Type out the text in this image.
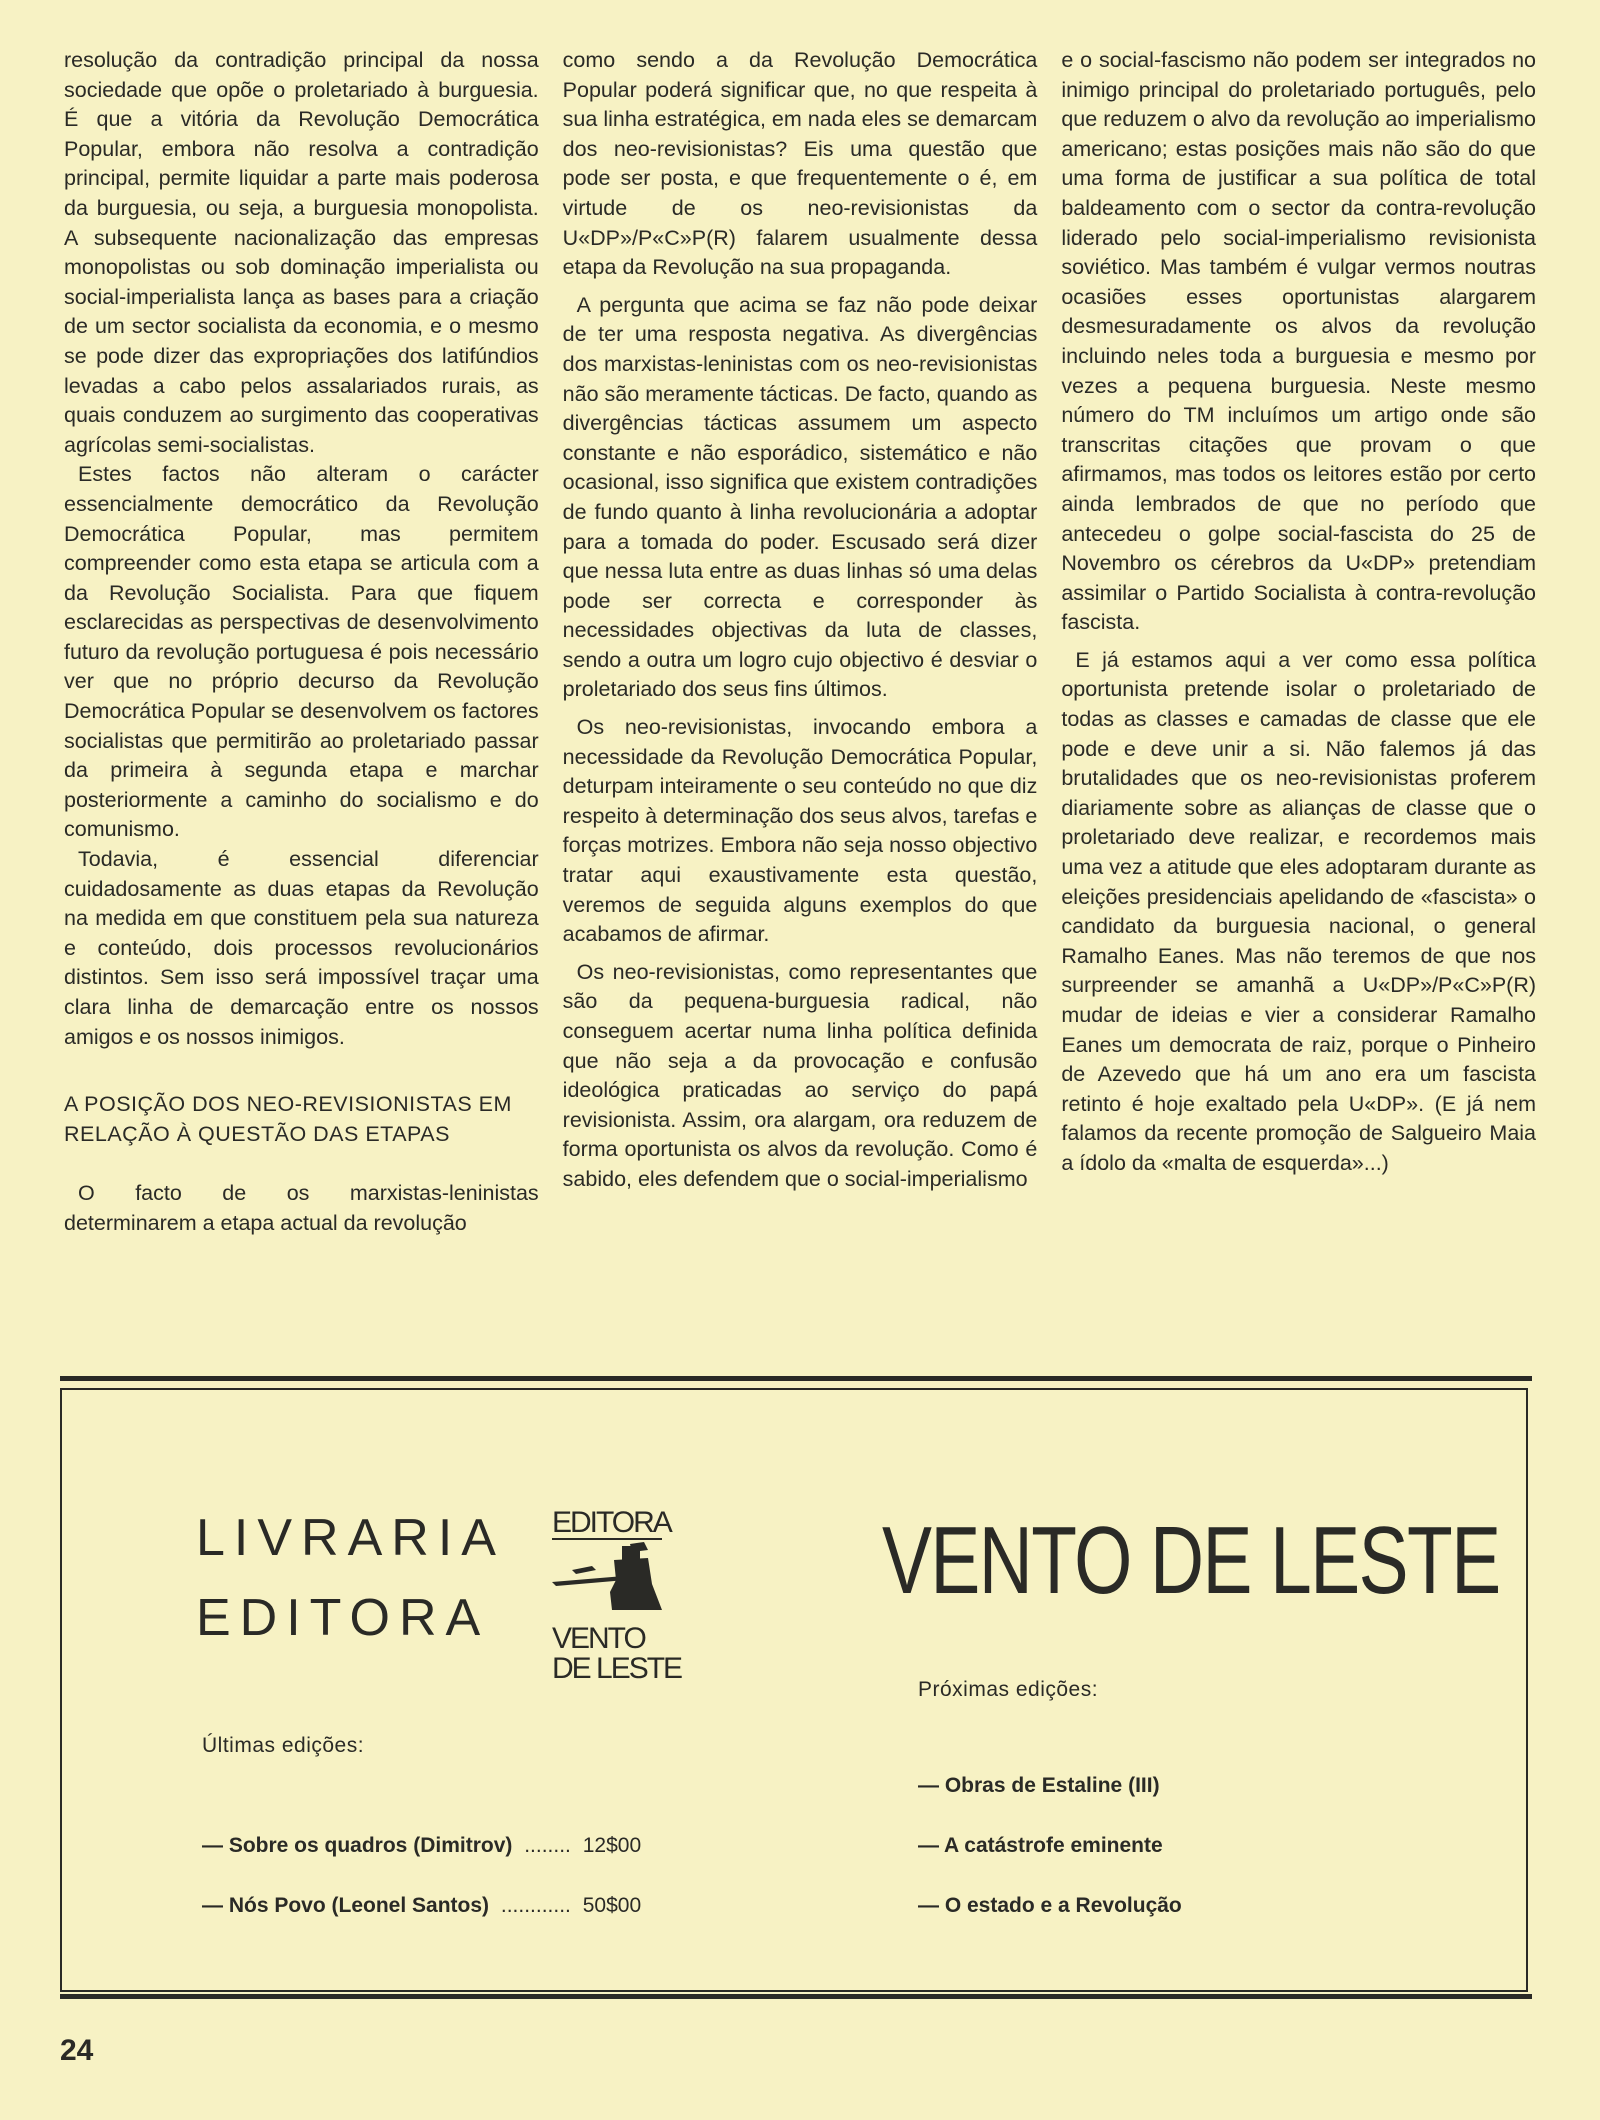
resolução da contradição principal da nossa sociedade que opõe o proletariado à burguesia. É que a vitória da Revolução Democrática Popular, embora não resolva a contradição principal, permite liquidar a parte mais poderosa da burguesia, ou seja, a burguesia monopolista. A subsequente nacionalização das empresas monopolistas ou sob dominação imperialista ou social-imperialista lança as bases para a criação de um sector socialista da economia, e o mesmo se pode dizer das expropriações dos latifúndios levadas a cabo pelos assalariados rurais, as quais conduzem ao surgimento das cooperativas agrícolas semi-socialistas.

Estes factos não alteram o carácter essencialmente democrático da Revolução Democrática Popular, mas permitem compreender como esta etapa se articula com a da Revolução Socialista. Para que fiquem esclarecidas as perspectivas de desenvolvimento futuro da revolução portuguesa é pois necessário ver que no próprio decurso da Revolução Democrática Popular se desenvolvem os factores socialistas que permitirão ao proletariado passar da primeira à segunda etapa e marchar posteriormente a caminho do socialismo e do comunismo.

Todavia, é essencial diferenciar cuidadosamente as duas etapas da Revolução na medida em que constituem pela sua natureza e conteúdo, dois processos revolucionários distintos. Sem isso será impossível traçar uma clara linha de demarcação entre os nossos amigos e os nossos inimigos.

A POSIÇÃO DOS NEO-REVISIONISTAS EM RELAÇÃO À QUESTÃO DAS ETAPAS

O facto de os marxistas-leninistas determinarem a etapa actual da revolução

como sendo a da Revolução Democrática Popular poderá significar que, no que respeita à sua linha estratégica, em nada eles se demarcam dos neo-revisionistas? Eis uma questão que pode ser posta, e que frequentemente o é, em virtude de os neo-revisionistas da U«DP»/P«C»P(R) falarem usualmente dessa etapa da Revolução na sua propaganda.

A pergunta que acima se faz não pode deixar de ter uma resposta negativa. As divergências dos marxistas-leninistas com os neo-revisionistas não são meramente tácticas. De facto, quando as divergências tácticas assumem um aspecto constante e não esporádico, sistemático e não ocasional, isso significa que existem contradições de fundo quanto à linha revolucionária a adoptar para a tomada do poder. Escusado será dizer que nessa luta entre as duas linhas só uma delas pode ser correcta e corresponder às necessidades objectivas da luta de classes, sendo a outra um logro cujo objectivo é desviar o proletariado dos seus fins últimos.

Os neo-revisionistas, invocando embora a necessidade da Revolução Democrática Popular, deturpam inteiramente o seu conteúdo no que diz respeito à determinação dos seus alvos, tarefas e forças motrizes. Embora não seja nosso objectivo tratar aqui exaustivamente esta questão, veremos de seguida alguns exemplos do que acabamos de afirmar.

Os neo-revisionistas, como representantes que são da pequena-burguesia radical, não conseguem acertar numa linha política definida que não seja a da provocação e confusão ideológica praticadas ao serviço do papá revisionista. Assim, ora alargam, ora reduzem de forma oportunista os alvos da revolução. Como é sabido, eles defendem que o social-imperialismo

e o social-fascismo não podem ser integrados no inimigo principal do proletariado português, pelo que reduzem o alvo da revolução ao imperialismo americano; estas posições mais não são do que uma forma de justificar a sua política de total baldeamento com o sector da contra-revolução liderado pelo social-imperialismo revisionista soviético. Mas também é vulgar vermos noutras ocasiões esses oportunistas alargarem desmesuradamente os alvos da revolução incluindo neles toda a burguesia e mesmo por vezes a pequena burguesia. Neste mesmo número do TM incluímos um artigo onde são transcritas citações que provam o que afirmamos, mas todos os leitores estão por certo ainda lembrados de que no período que antecedeu o golpe social-fascista do 25 de Novembro os cérebros da U«DP» pretendiam assimilar o Partido Socialista à contra-revolução fascista.

E já estamos aqui a ver como essa política oportunista pretende isolar o proletariado de todas as classes e camadas de classe que ele pode e deve unir a si. Não falemos já das brutalidades que os neo-revisionistas proferem diariamente sobre as alianças de classe que o proletariado deve realizar, e recordemos mais uma vez a atitude que eles adoptaram durante as eleições presidenciais apelidando de «fascista» o candidato da burguesia nacional, o general Ramalho Eanes. Mas não teremos de que nos surpreender se amanhã a U«DP»/P«C»P(R) mudar de ideias e vier a considerar Ramalho Eanes um democrata de raiz, porque o Pinheiro de Azevedo que há um ano era um fascista retinto é hoje exaltado pela U«DP». (E já nem falamos da recente promoção de Salgueiro Maia a ídolo da «malta de esquerda»...)

LIVRARIA
EDITORA
EDITORA
VENTO
DE LESTE
VENTO DE LESTE
Últimas edições:
— Sobre os quadros (Dimitrov) ........ 12$00
— Nós Povo (Leonel Santos) ............ 50$00
Próximas edições:
— Obras de Estaline (III)
— A catástrofe eminente
— O estado e a Revolução
24
